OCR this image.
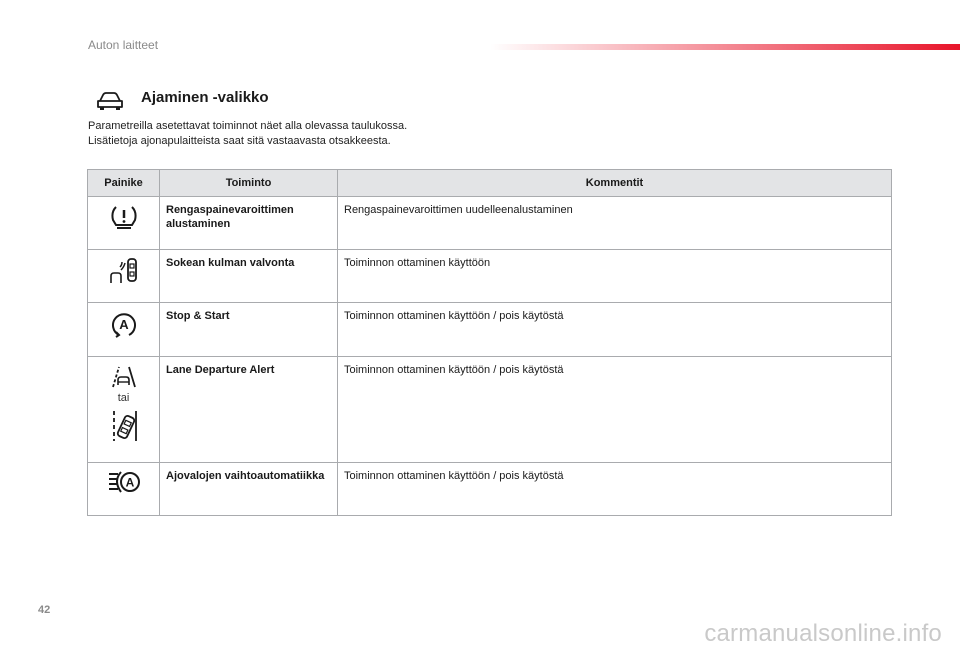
Auton laitteet
Ajaminen -valikko

Parametreilla asetettavat toiminnot näet alla olevassa taulukossa.

Lisätietoja ajonapulaitteista saat sitä vastaavasta otsakkeesta.

Painike	Toiminto	Kommentit

	Rengaspainevaroittimen alustaminen	Rengaspainevaroittimen uudelleenalustaminen

	Sokean kulman valvonta	Toiminnon ottaminen käyttöön

A	Stop & Start	Toiminnon ottaminen käyttöön / pois käytöstä

tai	Lane Departure Alert	Toiminnon ottaminen käyttöön / pois käytöstä

A	Ajovalojen vaihtoautomatiikka	Toiminnon ottaminen käyttöön / pois käytöstä
42
carmanualsonline.info
